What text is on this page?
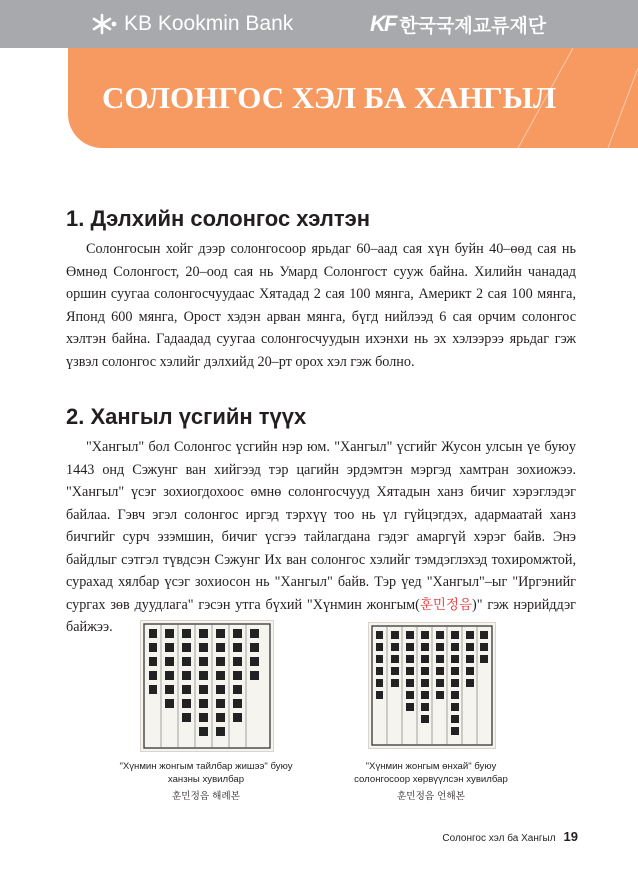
KB Kookmin Bank	KF 한국국제교류재단
СОЛОНГОС ХЭЛ БА ХАНГЫЛ
1. Дэлхийн солонгос хэлтэн

Солонгосын хойг дээр солонгосоор ярьдаг 60–аад сая хүн буйн 40–өөд сая нь Өмнөд Солонгост, 20–оод сая нь Умард Солонгост сууж байна. Хилийн чанадад оршин суугаа солонгосчуудаас Хятадад 2 сая 100 мянга, Америкт 2 сая 100 мянга, Японд 600 мянга, Орост хэдэн арван мянга, бүгд нийлээд 6 сая орчим солонгос хэлтэн байна. Гадаадад суугаа солонгосчуудын ихэнхи нь эх хэлээрээ ярьдаг гэж үзвэл солонгос хэлийг дэлхийд 20–рт орох хэл гэж болно.

2. Хангыл үсгийн түүх

"Хангыл" бол Солонгос үсгийн нэр юм. "Хангыл" үсгийг Жусон улсын үе буюу 1443 онд Сэжунг ван хийгээд тэр цагийн эрдэмтэн мэргэд хамтран зохиожээ. "Хангыл" үсэг зохиогдохоос өмнө солонгосчууд Хятадын ханз бичиг хэрэглэдэг байлаа. Гэвч эгэл солонгос иргэд тэрхүү тоо нь үл гүйцэгдэх, адармаатай ханз бичгийг сурч эзэмшин, бичиг үсгээ тайлагдана гэдэг амаргүй хэрэг байв. Энэ байдлыг сэтгэл түвдсэн Сэжунг Их ван солонгос хэлийг тэмдэглэхэд тохиромжтой, сурахад хялбар үсэг зохиосон нь "Хангыл" байв. Тэр үед "Хангыл"–ыг "Иргэнийг сургах зөв дуудлага" гэсэн утга бүхий "Хүнмин жонгым(훈민정음)" гэж нэрийддэг байжээ.

"Хүнмин жонгым тайлбар жишээ" буюу
ханзны хувилбар
훈민정음 해례본
"Хүнмин жонгым өнхай" буюу
солонгосоор хөрвүүлсэн хувилбар
훈민정음 언해본
Солонгос хэл ба Хангыл 19
